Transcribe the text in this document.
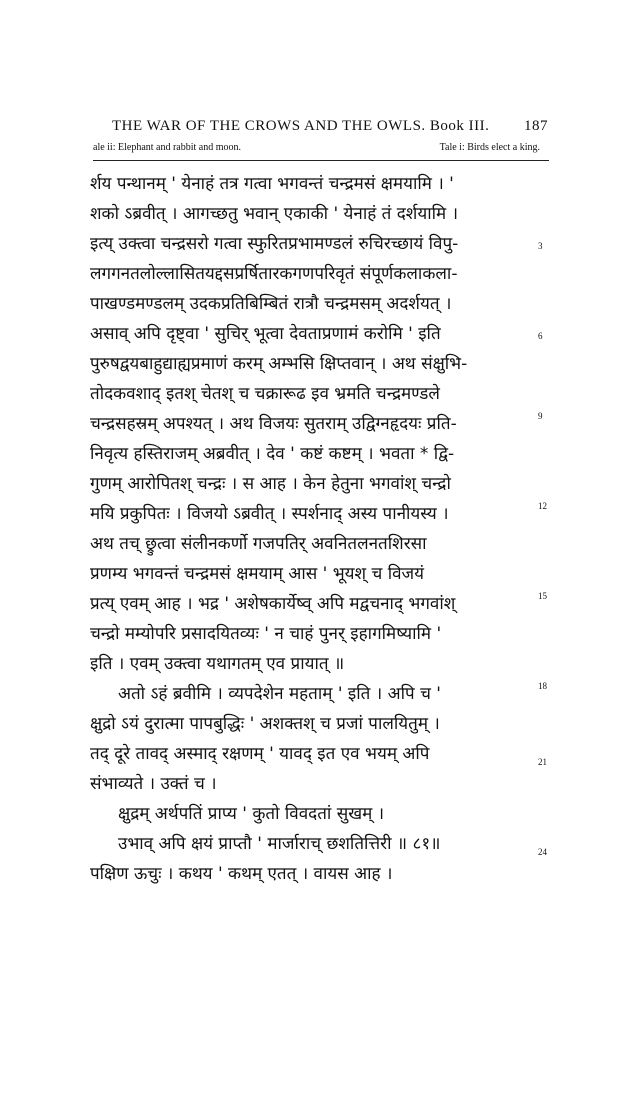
THE WAR OF THE CROWS AND THE OWLS. Book III. 187
ale ii: Elephant and rabbit and moon.	Tale i: Birds elect a king.
र्शय पन्थानम् ' येनाहं तत्र गत्वा भगवन्तं चन्द्रमसं क्षमयामि । '
शको ऽब्रवीत् । आगच्छतु भवान् एकाकी ' येनाहं तं दर्शयामि ।
इत्य् उक्त्वा चन्द्रसरो गत्वा स्फुरितप्रभामण्डलं रुचिरच्छायं विपु-
लगगनतलोल्लासितयद्दसप्रर्षितारकगणपरिवृतं संपूर्णकलाकला-
पाखण्डमण्डलम् उदकप्रतिबिम्बितं रात्रौ चन्द्रमसम् अदर्शयत् ।
असाव् अपि दृष्ट्वा ' सुचिर् भूत्वा देवताप्रणामं करोमि ' इति
पुरुषद्वयबाहुद्याह्यप्रमाणं करम् अम्भसि क्षिप्तवान् । अथ संक्षुभि-
तोदकवशाद् इतश् चेतश् च चक्रारूढ इव भ्रमति चन्द्रमण्डले
चन्द्रसहस्रम् अपश्यत् । अथ विजयः सुतराम् उद्विग्नहृदयः प्रति-
निवृत्य हस्तिराजम् अब्रवीत् । देव ' कष्टं कष्टम् । भवता * द्वि-
गुणम् आरोपितश् चन्द्रः । स आह । केन हेतुना भगवांश् चन्द्रो
मयि प्रकुपितः । विजयो ऽब्रवीत् । स्पर्शनाद् अस्य पानीयस्य ।
अथ तच् छ्रुत्वा संलीनकर्णो गजपतिर् अवनितलनतशिरसा
प्रणम्य भगवन्तं चन्द्रमसं क्षमयाम् आस ' भूयश् च विजयं
प्रत्य् एवम् आह । भद्र ' अशेषकार्येष्व् अपि मद्वचनाद् भगवांश्
चन्द्रो मम्योपरि प्रसादयितव्यः ' न चाहं पुनर् इहागमिष्यामि '
इति । एवम् उक्त्वा यथागतम् एव प्रायात् ॥
अतो ऽहं ब्रवीमि । व्यपदेशेन महताम् ' इति । अपि च '
क्षुद्रो ऽयं दुरात्मा पापबुद्धिः ' अशक्तश् च प्रजां पालयितुम् ।
तद् दूरे तावद् अस्माद् रक्षणम् ' यावद् इत एव भयम् अपि
संभाव्यते । उक्तं च ।
क्षुद्रम् अर्थपतिं प्राप्य ' कुतो विवदतां सुखम् ।
उभाव् अपि क्षयं प्राप्तौ ' मार्जाराच् छशतित्तिरी ॥ ८१॥
पक्षिण ऊचुः । कथय ' कथम् एतत् । वायस आह ।
3
6
9
12
15
18
21
24
